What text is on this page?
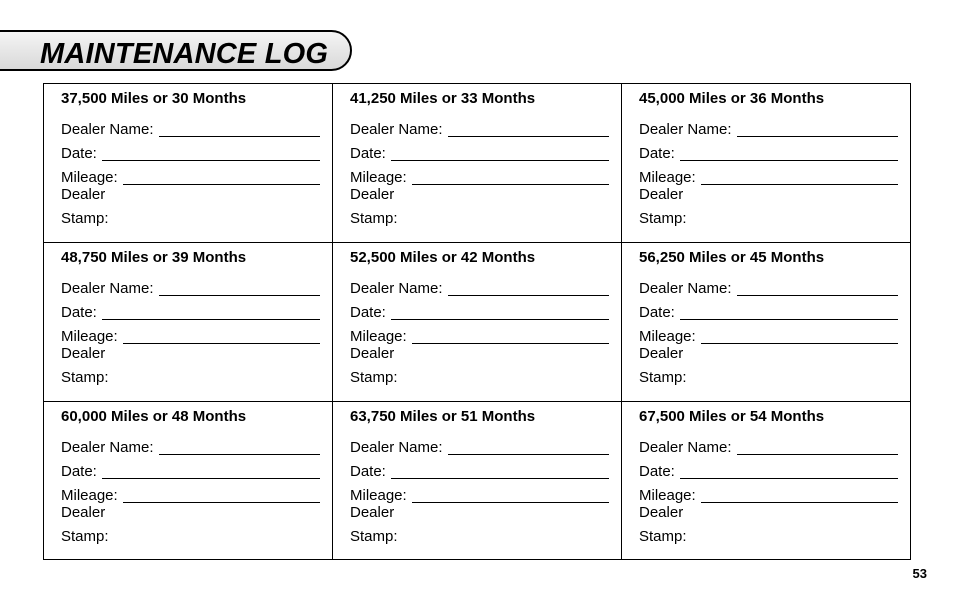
MAINTENANCE LOG
37,500 Miles or 30 Months
Dealer Name:
Date:
Mileage:
Dealer
Stamp:
41,250 Miles or 33 Months
Dealer Name:
Date:
Mileage:
Dealer
Stamp:
45,000 Miles or 36 Months
Dealer Name:
Date:
Mileage:
Dealer
Stamp:
48,750 Miles or 39 Months
Dealer Name:
Date:
Mileage:
Dealer
Stamp:
52,500 Miles or 42 Months
Dealer Name:
Date:
Mileage:
Dealer
Stamp:
56,250 Miles or 45 Months
Dealer Name:
Date:
Mileage:
Dealer
Stamp:
60,000 Miles or 48 Months
Dealer Name:
Date:
Mileage:
Dealer
Stamp:
63,750 Miles or 51 Months
Dealer Name:
Date:
Mileage:
Dealer
Stamp:
67,500 Miles or 54 Months
Dealer Name:
Date:
Mileage:
Dealer
Stamp:
53
